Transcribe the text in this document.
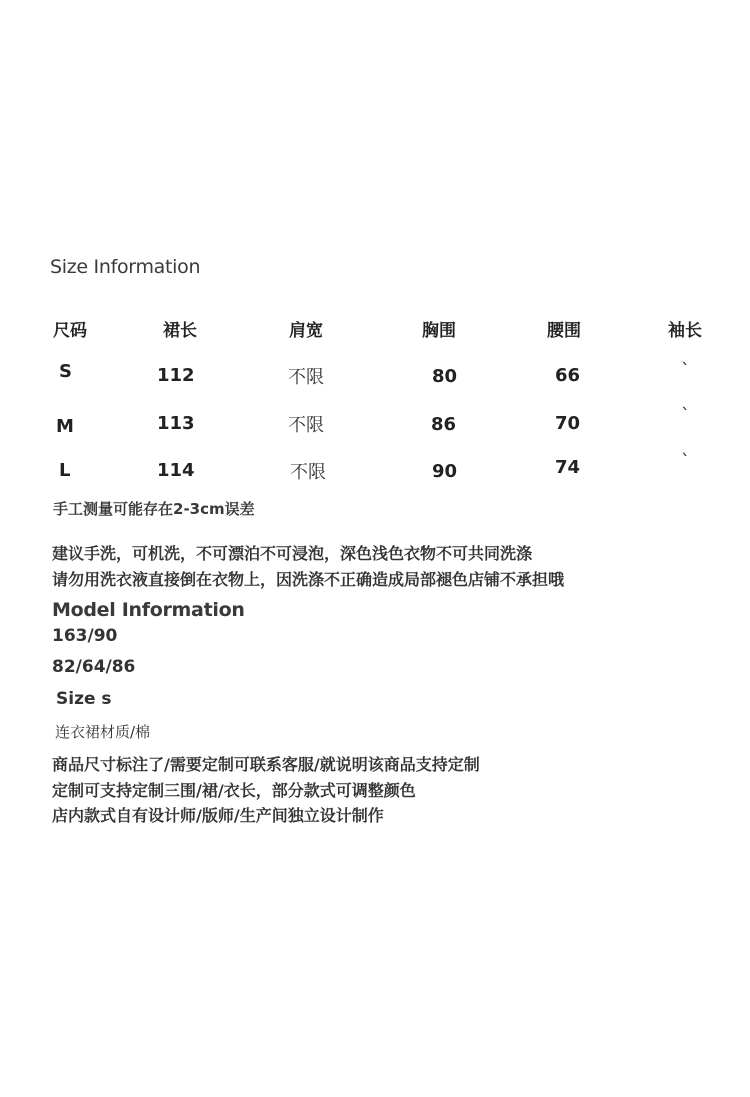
Size Information
尺码	裙长	肩宽	胸围	腰围	袖长
S	112	不限	80	66	`
M	113	不限	86	70	`
L	114	不限	90	74	`
手工测量可能存在2-3cm误差
建议手洗，可机洗，不可漂泊不可浸泡，深色浅色衣物不可共同洗涤
请勿用洗衣液直接倒在衣物上，因洗涤不正确造成局部褪色店铺不承担哦
Model Information
163/90
82/64/86
Size s
连衣裙材质/棉
商品尺寸标注了/需要定制可联系客服/就说明该商品支持定制
定制可支持定制三围/裙/衣长，部分款式可调整颜色
店内款式自有设计师/版师/生产间独立设计制作
